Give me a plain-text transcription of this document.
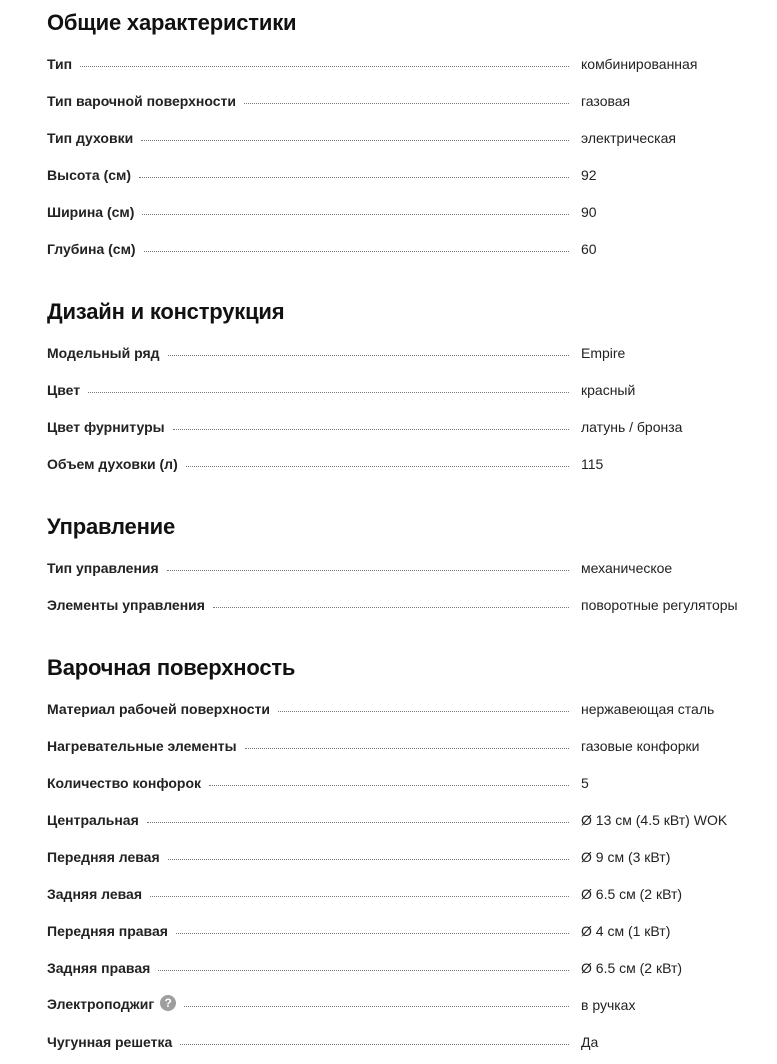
Общие характеристики
Тип	комбинированная
Тип варочной поверхности	газовая
Тип духовки	электрическая
Высота (см)	92
Ширина (см)	90
Глубина (см)	60
Дизайн и конструкция
Модельный ряд	Empire
Цвет	красный
Цвет фурнитуры	латунь / бронза
Объем духовки (л)	115
Управление
Тип управления	механическое
Элементы управления	поворотные регуляторы
Варочная поверхность
Материал рабочей поверхности	нержавеющая сталь
Нагревательные элементы	газовые конфорки
Количество конфорок	5
Центральная	Ø 13 см (4.5 кВт) WOK
Передняя левая	Ø 9 см (3 кВт)
Задняя левая	Ø 6.5 см (2 кВт)
Передняя правая	Ø 4 см (1 кВт)
Задняя правая	Ø 6.5 см (2 кВт)
Электроподжиг ?	в ручках
Чугунная решетка	Да
